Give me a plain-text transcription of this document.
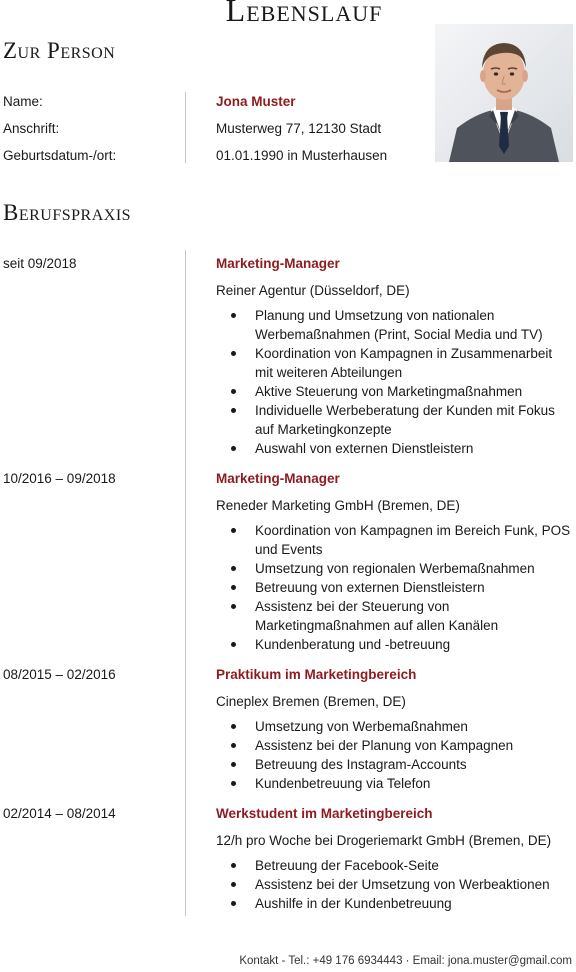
Lebenslauf
Zur Person
Name:	Jona Muster
Anschrift:	Musterweg 77, 12130 Stadt
Geburtsdatum-/ort:	01.01.1990 in Musterhausen
Berufspraxis
seit 09/2018	Marketing-Manager
Reiner Agentur (Düsseldorf, DE)
Planung und Umsetzung von nationalen Werbemaßnahmen (Print, Social Media und TV)
Koordination von Kampagnen in Zusammenarbeit mit weiteren Abteilungen
Aktive Steuerung von Marketingmaßnahmen
Individuelle Werbeberatung der Kunden mit Fokus auf Marketingkonzepte
Auswahl von externen Dienstleistern
10/2016 – 09/2018	Marketing-Manager
Reneder Marketing GmbH (Bremen, DE)
Koordination von Kampagnen im Bereich Funk, POS und Events
Umsetzung von regionalen Werbemaßnahmen
Betreuung von externen Dienstleistern
Assistenz bei der Steuerung von Marketingmaßnahmen auf allen Kanälen
Kundenberatung und -betreuung
08/2015 – 02/2016	Praktikum im Marketingbereich
Cineplex Bremen (Bremen, DE)
Umsetzung von Werbemaßnahmen
Assistenz bei der Planung von Kampagnen
Betreuung des Instagram-Accounts
Kundenbetreuung via Telefon
02/2014 – 08/2014	Werkstudent im Marketingbereich
12/h pro Woche bei Drogeriemarkt GmbH (Bremen, DE)
Betreuung der Facebook-Seite
Assistenz bei der Umsetzung von Werbeaktionen
Aushilfe in der Kundenbetreuung
Kontakt - Tel.: +49 176 6934443 · Email: jona.muster@gmail.com
